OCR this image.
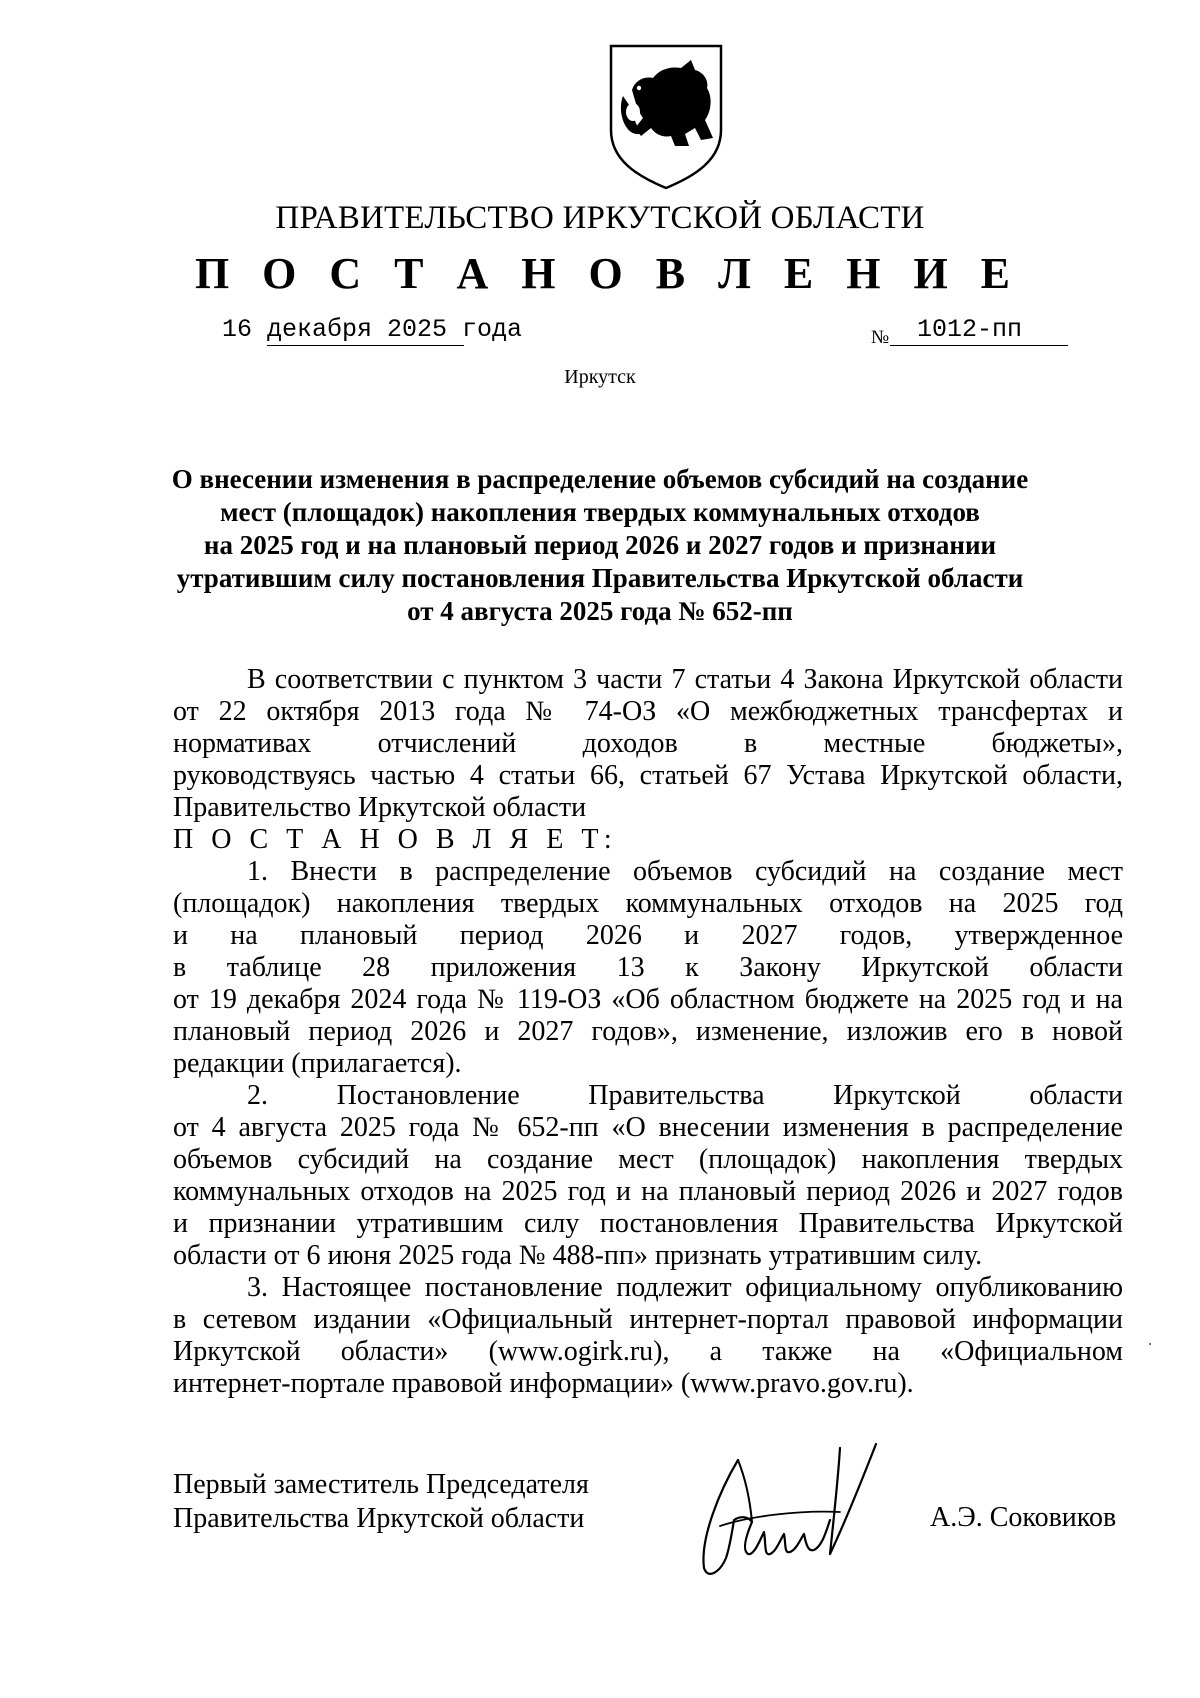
ПРАВИТЕЛЬСТВО ИРКУТСКОЙ ОБЛАСТИ
П О С Т А Н О В Л Е Н И Е
16 декабря 2025 года	№ 1012-пп
Иркутск
О внесении изменения в распределение объемов субсидий на создание
мест (площадок) накопления твердых коммунальных отходов
на 2025 год и на плановый период 2026 и 2027 годов и признании
утратившим силу постановления Правительства Иркутской области
от 4 августа 2025 года № 652-пп
В соответствии с пунктом 3 части 7 статьи 4 Закона Иркутской области
от 22 октября 2013 года № 74-ОЗ «О межбюджетных трансфертах и
нормативах отчислений доходов в местные бюджеты»,
руководствуясь частью 4 статьи 66, статьей 67 Устава Иркутской области,
Правительство Иркутской области
П О С Т А Н О В Л Я Е Т:
1. Внести в распределение объемов субсидий на создание мест
(площадок) накопления твердых коммунальных отходов на 2025 год
и на плановый период 2026 и 2027 годов, утвержденное
в таблице 28 приложения 13 к Закону Иркутской области
от 19 декабря 2024 года № 119-ОЗ «Об областном бюджете на 2025 год и на
плановый период 2026 и 2027 годов», изменение, изложив его в новой
редакции (прилагается).
2. Постановление Правительства Иркутской области
от 4 августа 2025 года № 652-пп «О внесении изменения в распределение
объемов субсидий на создание мест (площадок) накопления твердых
коммунальных отходов на 2025 год и на плановый период 2026 и 2027 годов
и признании утратившим силу постановления Правительства Иркутской
области от 6 июня 2025 года № 488-пп» признать утратившим силу.
3. Настоящее постановление подлежит официальному опубликованию
в сетевом издании «Официальный интернет-портал правовой информации
Иркутской области» (www.ogirk.ru), а также на «Официальном
интернет-портале правовой информации» (www.pravo.gov.ru).
Первый заместитель Председателя
Правительства Иркутской области	А.Э. Соковиков
